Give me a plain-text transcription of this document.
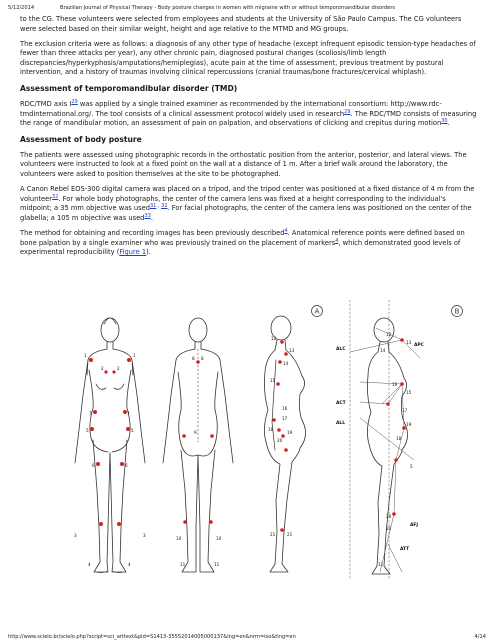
5/12/2014	Brazilian Journal of Physical Therapy - Body posture changes in women with migraine with or without temporomandibular disorders

to the CG. These volunteers were selected from employees and students at the University of São Paulo Campus. The CG volunteers were selected based on their similar weight, height and age relative to the MTMD and MG groups.

The exclusion criteria were as follows: a diagnosis of any other type of headache (except infrequent episodic tension-type headaches of fewer than three attacks per year), any other chronic pain, diagnosed postural changes (scoliosis/limb length discrepancies/hyperkyphosis/amputations/hemiplegias), acute pain at the time of assessment, previous treatment by postural intervention, and a history of traumas involving clinical repercussions (cranial traumas/bone fractures/cervical whiplash).

Assessment of temporomandibular disorder (TMD)

RDC/TMD axis I$^{29}$ was applied by a single trained examiner as recommended by the international consortium: http://www.rdc-tmdinternational.org/. The tool consists of a clinical assessment protocol widely used in research$^{29}$. The RDC/TMD consists of measuring the range of mandibular motion, an assessment of pain on palpation, and observations of clicking and crepitus during motion$^{30}$.

Assessment of body posture

The patients were assessed using photographic records in the orthostatic position from the anterior, posterior, and lateral views. The volunteers were instructed to look at a fixed point on the wall at a distance of 1 m. After a brief walk around the laboratory, the volunteers were asked to position themselves at the site to be photographed.

A Canon Rebel EOS-300 digital camera was placed on a tripod, and the tripod center was positioned at a fixed distance of 4 m from the volunteer$^{32}$. For whole body photographs, the center of the camera lens was fixed at a height corresponding to the individual's midpoint; a 35 mm objective was used$^{31 , 32}$. For facial photographs, the center of the camera lens was positioned on the center of the glabella; a 105 m objective was used$^{33}$.

The method for obtaining and recording images has been previously described$^4$. Anatomical reference points were defined based on bone palpation by a single examiner who was previously trained on the placement of markers$^4$, which demonstrated good levels of experimental reproducibility (Figure 1).

A	B
1	1
2	2
3	3
4	4
5	5
6	6
7	7
8 8
9
10	10
11	11
12
13
14
15
16
17
18
19
20
21	21
12
13
14
15
16
17
19
11
18
20
21
5
ALC
ACT
ALL
APC
AFJ
ATT
http://www.scielo.br/scielo.php?script=sci_arttext&pid=S1413-35552014005000137&lng=en&nrm=iso&tlng=en	4/14
